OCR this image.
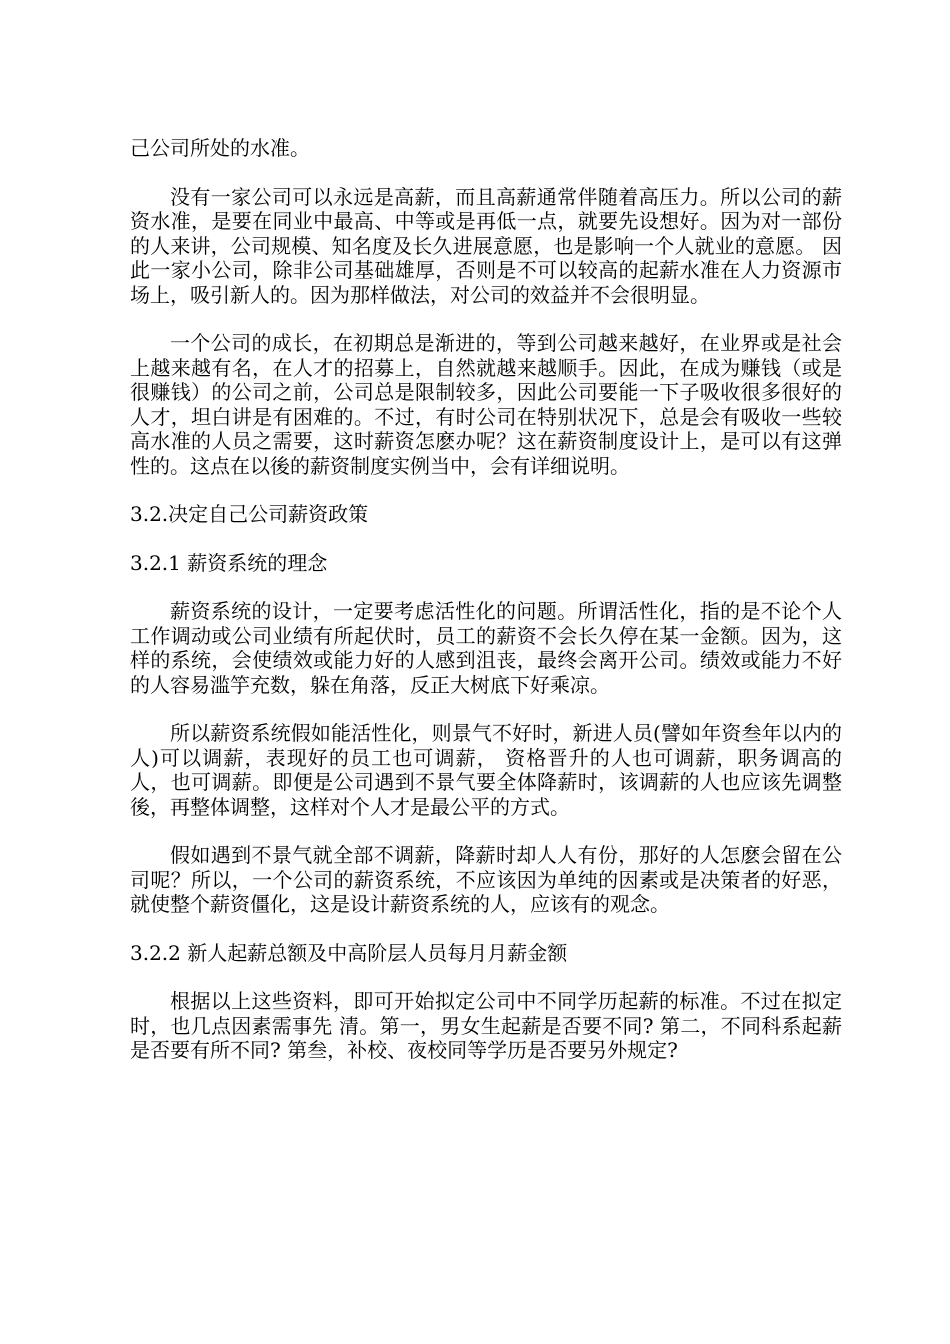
己公司所处的水准。

没有一家公司可以永远是高薪，而且高薪通常伴随着高压力。所以公司的薪资水准，是要在同业中最高、中等或是再低一点，就要先设想好。因为对一部份的人来讲，公司规模、知名度及长久进展意愿，也是影响一个人就业的意愿。 因此一家小公司，除非公司基础雄厚，否则是不可以较高的起薪水准在人力资源市场上，吸引新人的。因为那样做法，对公司的效益并不会很明显。

一个公司的成长，在初期总是渐进的，等到公司越来越好，在业界或是社会上越来越有名，在人才的招募上，自然就越来越顺手。因此，在成为赚钱（或是很赚钱）的公司之前，公司总是限制较多，因此公司要能一下子吸收很多很好的人才，坦白讲是有困难的。不过，有时公司在特别状况下，总是会有吸收一些较高水准的人员之需要，这时薪资怎麽办呢？这在薪资制度设计上，是可以有这弹性的。这点在以後的薪资制度实例当中，会有详细说明。

3.2.决定自己公司薪资政策

3.2.1 薪资系统的理念

薪资系统的设计，一定要考虑活性化的问题。所谓活性化，指的是不论个人工作调动或公司业绩有所起伏时，员工的薪资不会长久停在某一金额。因为，这样的系统，会使绩效或能力好的人感到沮丧，最终会离开公司。绩效或能力不好的人容易滥竽充数，躲在角落，反正大树底下好乘凉。

所以薪资系统假如能活性化，则景气不好时，新进人员(譬如年资叁年以内的人)可以调薪，表现好的员工也可调薪， 资格晋升的人也可调薪，职务调高的人，也可调薪。即便是公司遇到不景气要全体降薪时，该调薪的人也应该先调整後，再整体调整，这样对个人才是最公平的方式。

假如遇到不景气就全部不调薪，降薪时却人人有份，那好的人怎麽会留在公司呢？所以，一个公司的薪资系统，不应该因为单纯的因素或是决策者的好恶，就使整个薪资僵化，这是设计薪资系统的人，应该有的观念。

3.2.2 新人起薪总额及中高阶层人员每月月薪金额

根据以上这些资料，即可开始拟定公司中不同学历起薪的标准。不过在拟定时，也几点因素需事先 清。第一，男女生起薪是否要不同? 第二，不同科系起薪是否要有所不同? 第叁，补校、夜校同等学历是否要另外规定?
